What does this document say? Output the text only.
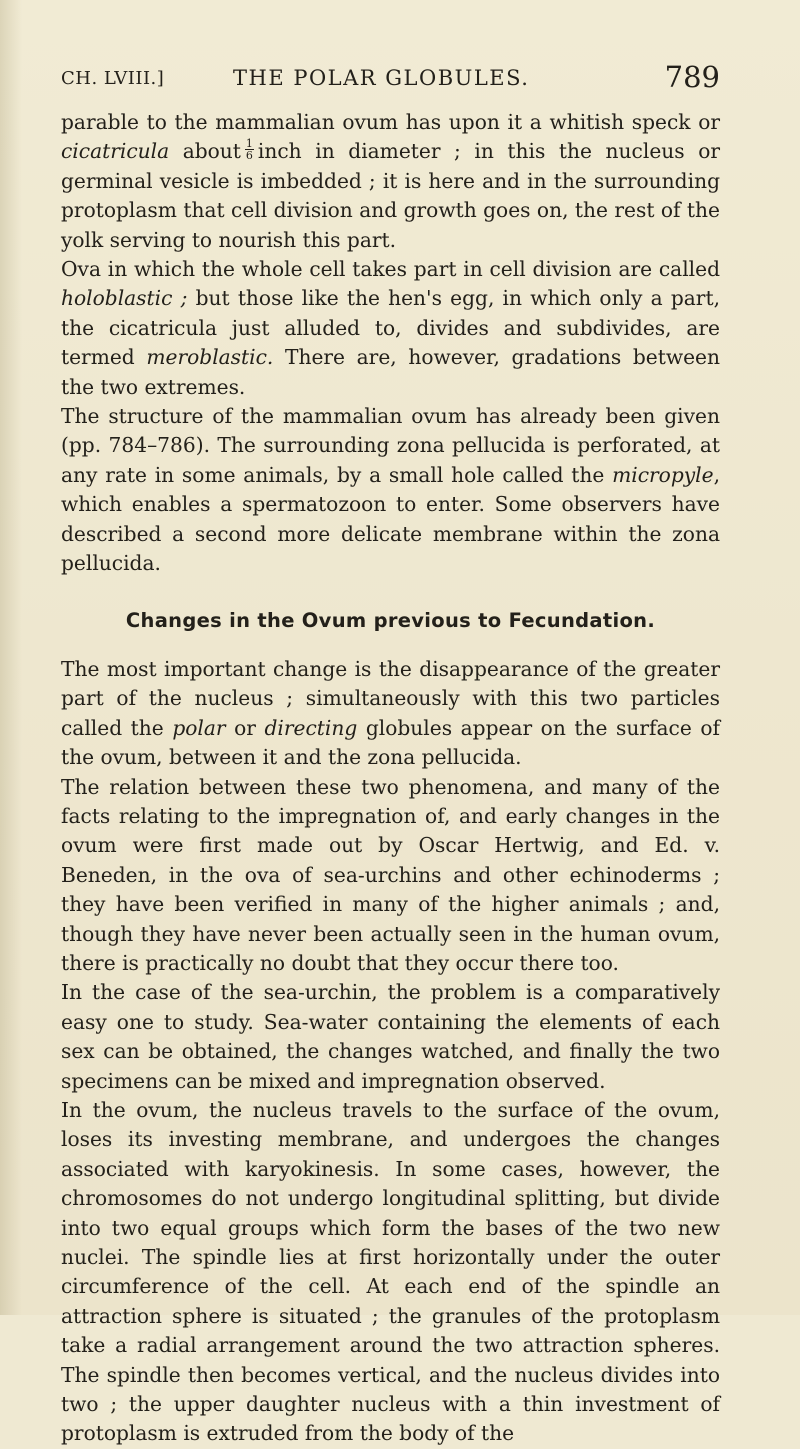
CH. LVIII.]	THE POLAR GLOBULES.	789

parable to the mammalian ovum has upon it a whitish speck or cicatricula about $\frac{1}{6}$ inch in diameter ; in this the nucleus or germinal vesicle is imbedded ; it is here and in the surrounding protoplasm that cell division and growth goes on, the rest of the yolk serving to nourish this part.

Ova in which the whole cell takes part in cell division are called holoblastic ; but those like the hen's egg, in which only a part, the cicatricula just alluded to, divides and subdivides, are termed meroblastic. There are, however, gradations between the two extremes.

The structure of the mammalian ovum has already been given (pp. 784–786). The surrounding zona pellucida is perforated, at any rate in some animals, by a small hole called the micropyle, which enables a spermatozoon to enter. Some observers have described a second more delicate membrane within the zona pellucida.

Changes in the Ovum previous to Fecundation.

The most important change is the disappearance of the greater part of the nucleus ; simultaneously with this two particles called the polar or directing globules appear on the surface of the ovum, between it and the zona pellucida.

The relation between these two phenomena, and many of the facts relating to the impregnation of, and early changes in the ovum were first made out by Oscar Hertwig, and Ed. v. Beneden, in the ova of sea-urchins and other echinoderms ; they have been verified in many of the higher animals ; and, though they have never been actually seen in the human ovum, there is practically no doubt that they occur there too.

In the case of the sea-urchin, the problem is a comparatively easy one to study. Sea-water containing the elements of each sex can be obtained, the changes watched, and finally the two specimens can be mixed and impregnation observed.

In the ovum, the nucleus travels to the surface of the ovum, loses its investing membrane, and undergoes the changes associated with karyokinesis. In some cases, however, the chromosomes do not undergo longitudinal splitting, but divide into two equal groups which form the bases of the two new nuclei. The spindle lies at first horizontally under the outer circumference of the cell. At each end of the spindle an attraction sphere is situated ; the granules of the protoplasm take a radial arrangement around the two attraction spheres. The spindle then becomes vertical, and the nucleus divides into two ; the upper daughter nucleus with a thin investment of protoplasm is extruded from the body of the
